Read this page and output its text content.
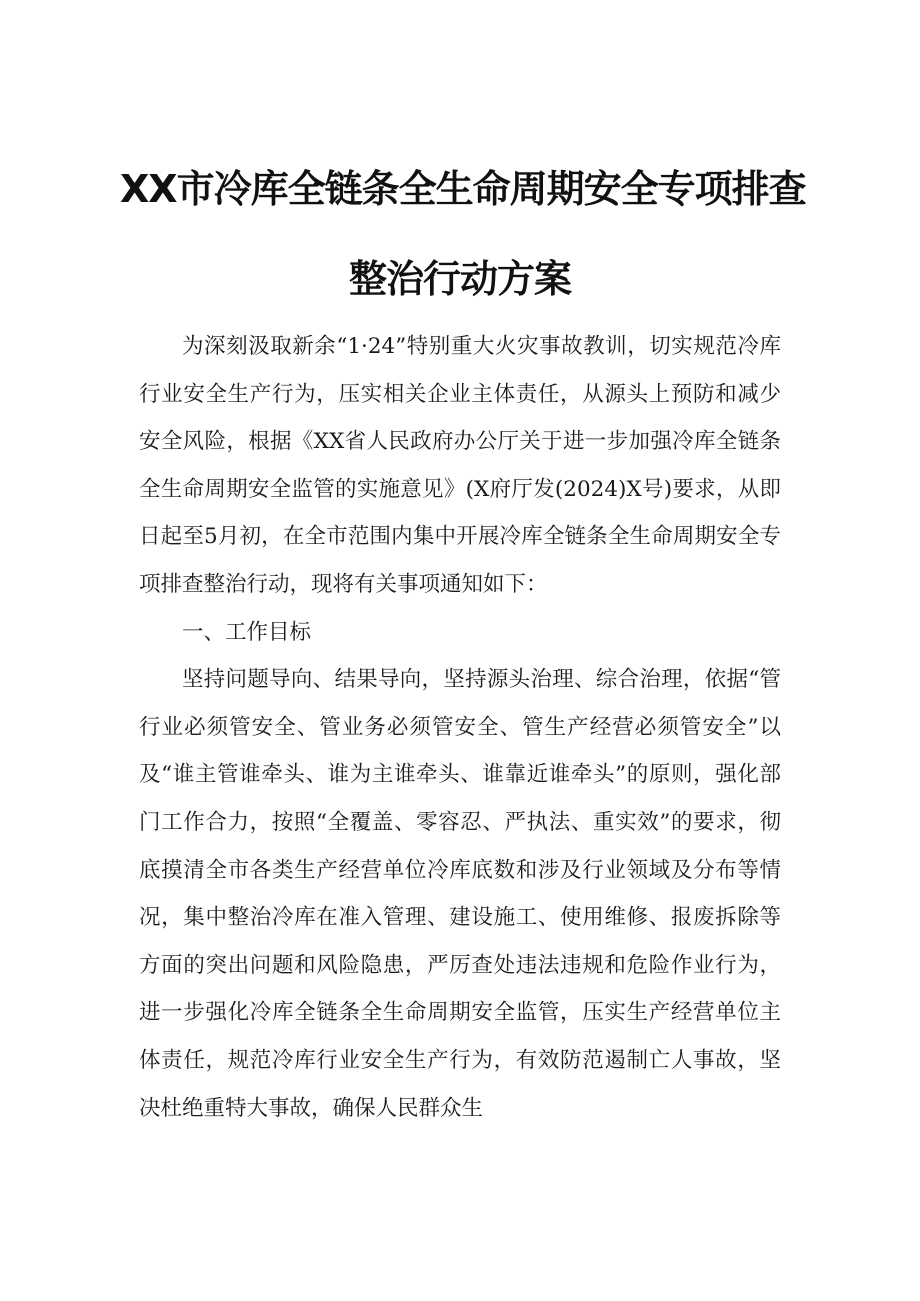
XX市冷库全链条全生命周期安全专项排查
整治行动方案

为深刻汲取新余“1·24”特别重大火灾事故教训，切实规范冷库行业安全生产行为，压实相关企业主体责任，从源头上预防和减少安全风险，根据《XX省人民政府办公厅关于进一步加强冷库全链条全生命周期安全监管的实施意见》(X府厅发(2024)X号)要求，从即日起至5月初，在全市范围内集中开展冷库全链条全生命周期安全专项排查整治行动，现将有关事项通知如下：

一、工作目标

坚持问题导向、结果导向，坚持源头治理、综合治理，依据“管行业必须管安全、管业务必须管安全、管生产经营必须管安全”以及“谁主管谁牵头、谁为主谁牵头、谁靠近谁牵头”的原则，强化部门工作合力，按照“全覆盖、零容忍、严执法、重实效”的要求，彻底摸清全市各类生产经营单位冷库底数和涉及行业领域及分布等情况，集中整治冷库在准入管理、建设施工、使用维修、报废拆除等方面的突出问题和风险隐患，严厉查处违法违规和危险作业行为，进一步强化冷库全链条全生命周期安全监管，压实生产经营单位主体责任，规范冷库行业安全生产行为，有效防范遏制亡人事故，坚决杜绝重特大事故，确保人民群众生
